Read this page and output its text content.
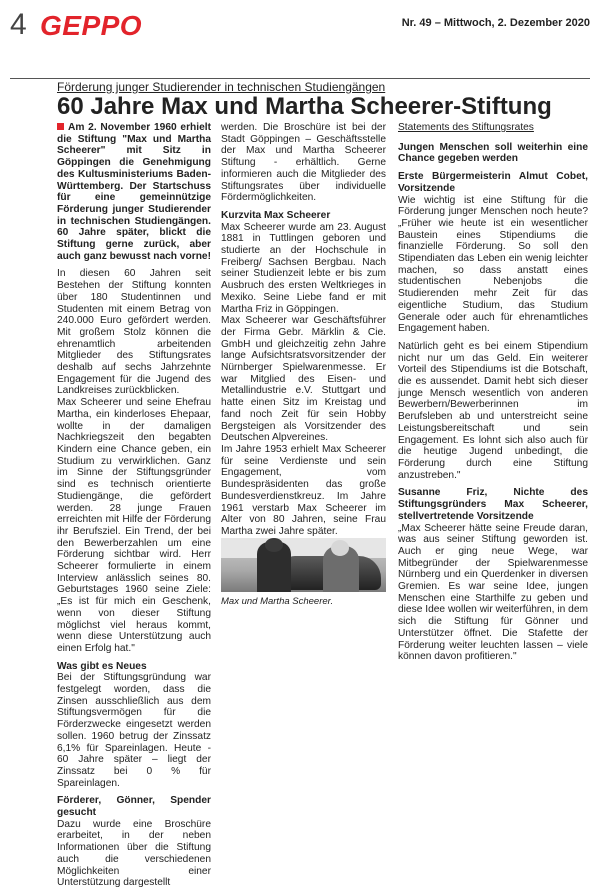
4 GEPPO	Nr. 49 – Mittwoch, 2. Dezember 2020
Förderung junger Studierender in technischen Studiengängen
60 Jahre Max und Martha Scheerer-Stiftung

Am 2. November 1960 erhielt die Stiftung "Max und Martha Scheerer" mit Sitz in Göppingen die Genehmigung des Kultusministeriums Baden-Württemberg. Der Startschuss für eine gemeinnützige Förderung junger Studierender in technischen Studiengängen. 60 Jahre später, blickt die Stiftung gerne zurück, aber auch ganz bewusst nach vorne!

In diesen 60 Jahren seit Bestehen der Stiftung konnten über 180 Studentinnen und Studenten mit einem Betrag von 240.000 Euro gefördert werden. Mit großem Stolz können die ehrenamtlich arbeitenden Mitglieder des Stiftungsrates deshalb auf sechs Jahrzehnte Engagement für die Jugend des Landkreises zurückblicken.

Max Scheerer und seine Ehefrau Martha, ein kinderloses Ehepaar, wollte in der damaligen Nachkriegszeit den begabten Kindern eine Chance geben, ein Studium zu verwirklichen. Ganz im Sinne der Stiftungsgründer sind es technisch orientierte Studiengänge, die gefördert werden. 28 junge Frauen erreichten mit Hilfe der Förderung ihr Berufsziel. Ein Trend, der bei den Bewerberzahlen um eine Förderung sichtbar wird. Herr Scheerer formulierte in einem Interview anlässlich seines 80. Geburtstages 1960 seine Ziele: „Es ist für mich ein Geschenk, wenn von dieser Stiftung möglichst viel heraus kommt, wenn diese Unterstützung auch einen Erfolg hat."

Was gibt es Neues

Bei der Stiftungsgründung war festgelegt worden, dass die Zinsen ausschließlich aus dem Stiftungsvermögen für die Förderzwecke eingesetzt werden sollen. 1960 betrug der Zinssatz 6,1% für Spareinlagen. Heute - 60 Jahre später – liegt der Zinssatz bei 0 % für Spareinlagen.

Förderer, Gönner, Spender gesucht

Dazu wurde eine Broschüre erarbeitet, in der neben Informationen über die Stiftung auch die verschiedenen Möglichkeiten einer Unterstützung dargestellt

werden. Die Broschüre ist bei der Stadt Göppingen – Geschäftsstelle der Max und Martha Scheerer Stiftung - erhältlich. Gerne informieren auch die Mitglieder des Stiftungsrates über individuelle Fördermöglichkeiten.

Kurzvita Max Scheerer

Max Scheerer wurde am 23. August 1881 in Tuttlingen geboren und studierte an der Hochschule in Freiberg/ Sachsen Bergbau. Nach seiner Studienzeit lebte er bis zum Ausbruch des ersten Weltkrieges in Mexiko. Seine Liebe fand er mit Martha Friz in Göppingen.

Max Scheerer war Geschäftsführer der Firma Gebr. Märklin & Cie. GmbH und gleichzeitig zehn Jahre lange Aufsichtsratsvorsitzender der Nürnberger Spielwarenmesse. Er war Mitglied des Eisen- und Metallindustrie e.V. Stuttgart und hatte einen Sitz im Kreistag und fand noch Zeit für sein Hobby Bergsteigen als Vorsitzender des Deutschen Alpvereines.

Im Jahre 1953 erhielt Max Scheerer für seine Verdienste und sein Engagement, vom Bundespräsidenten das große Bundesverdienstkreuz. Im Jahre 1961 verstarb Max Scheerer im Alter von 80 Jahren, seine Frau Martha zwei Jahre später.

Max und Martha Scheerer.

Statements des Stiftungsrates

Jungen Menschen soll weiterhin eine Chance gegeben werden

Erste Bürgermeisterin Almut Cobet, Vorsitzende

Wie wichtig ist eine Stiftung für die Förderung junger Menschen noch heute? „Früher wie heute ist ein wesentlicher Baustein eines Stipendiums die finanzielle Förderung. So soll den Stipendiaten das Leben ein wenig leichter machen, so dass anstatt eines studentischen Nebenjobs die Studierenden mehr Zeit für das eigentliche Studium, das Studium Generale oder auch für ehrenamtliches Engagement haben.

Natürlich geht es bei einem Stipendium nicht nur um das Geld. Ein weiterer Vorteil des Stipendiums ist die Botschaft, die es aussendet. Damit hebt sich dieser junge Mensch wesentlich von anderen Bewerbern/Bewerberinnen im Berufsleben ab und unterstreicht seine Leistungsbereitschaft und sein Engagement. Es lohnt sich also auch für die heutige Jugend unbedingt, die Förderung durch eine Stiftung anzustreben."

Susanne Friz, Nichte des Stiftungsgründers Max Scheerer, stellvertretende Vorsitzende

„Max Scheerer hätte seine Freude daran, was aus seiner Stiftung geworden ist. Auch er ging neue Wege, war Mitbegründer der Spielwarenmesse Nürnberg und ein Querdenker in diversen Gremien. Es war seine Idee, jungen Menschen eine Starthilfe zu geben und diese Idee wollen wir weiterführen, in dem sich die Stiftung für Gönner und Unterstützer öffnet. Die Stafette der Förderung weiter leuchten lassen – viele können davon profitieren."
